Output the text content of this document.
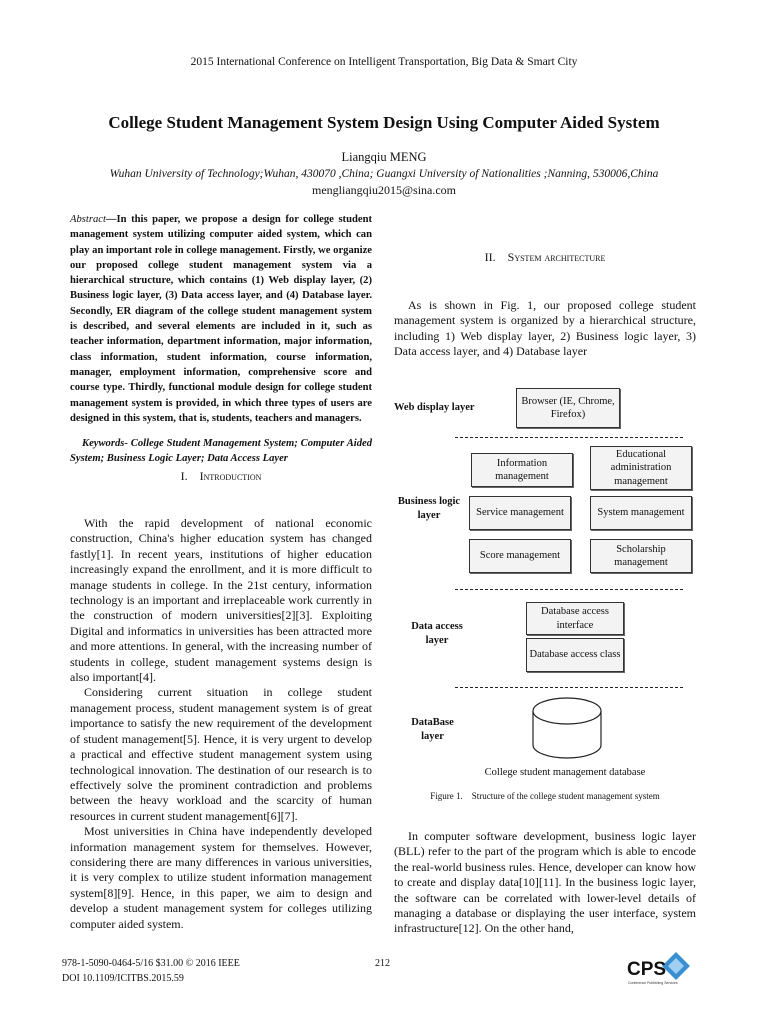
2015 International Conference on Intelligent Transportation, Big Data & Smart City
College Student Management System Design Using Computer Aided System
Liangqiu MENG
Wuhan University of Technology;Wuhan, 430070 ,China; Guangxi University of Nationalities ;Nanning, 530006,China
mengliangqiu2015@sina.com
Abstract—In this paper, we propose a design for college student management system utilizing computer aided system, which can play an important role in college management. Firstly, we organize our proposed college student management system via a hierarchical structure, which contains (1) Web display layer, (2) Business logic layer, (3) Data access layer, and (4) Database layer. Secondly, ER diagram of the college student management system is described, and several elements are included in it, such as teacher information, department information, major information, class information, student information, course information, manager, employment information, comprehensive score and course type. Thirdly, functional module design for college student management system is provided, in which three types of users are designed in this system, that is, students, teachers and managers.
Keywords- College Student Management System; Computer Aided System; Business Logic Layer; Data Access Layer
I. Introduction

With the rapid development of national economic construction, China's higher education system has changed fastly[1]. In recent years, institutions of higher education increasingly expand the enrollment, and it is more difficult to manage students in college. In the 21st century, information technology is an important and irreplaceable work currently in the construction of modern universities[2][3]. Exploiting Digital and informatics in universities has been attracted more and more attentions. In general, with the increasing number of students in college, student management systems design is also important[4].

Considering current situation in college student management process, student management system is of great importance to satisfy the new requirement of the development of student management[5]. Hence, it is very urgent to develop a practical and effective student management system using technological innovation. The destination of our research is to effectively solve the prominent contradiction and problems between the heavy workload and the scarcity of human resources in current student management[6][7].

Most universities in China have independently developed information management system for themselves. However, considering there are many differences in various universities, it is very complex to utilize student information management system[8][9]. Hence, in this paper, we aim to design and develop a student management system for colleges utilizing computer aided system.

II. System architecture

As is shown in Fig. 1, our proposed college student management system is organized by a hierarchical structure, including 1) Web display layer, 2) Business logic layer, 3) Data access layer, and 4) Database layer

Web display layer
Browser (IE, Chrome, Firefox)
Business logic layer
Information management
Educational administration management
Service management	System management
Score management
Scholarship management
Data access layer
Database access interface
Database access class
DataBase layer
College student management database
Figure 1.    Structure of the college student management system

In computer software development, business logic layer (BLL) refer to the part of the program which is able to encode the real-world business rules. Hence, developer can know how to create and display data[10][11]. In the business logic layer, the software can be correlated with lower-level details of managing a database or displaying the user interface, system infrastructure[12]. On the other hand,

978-1-5090-0464-5/16 $31.00 © 2016 IEEE
DOI 10.1109/ICITBS.2015.59
212	CPS
Conference Publishing Services
